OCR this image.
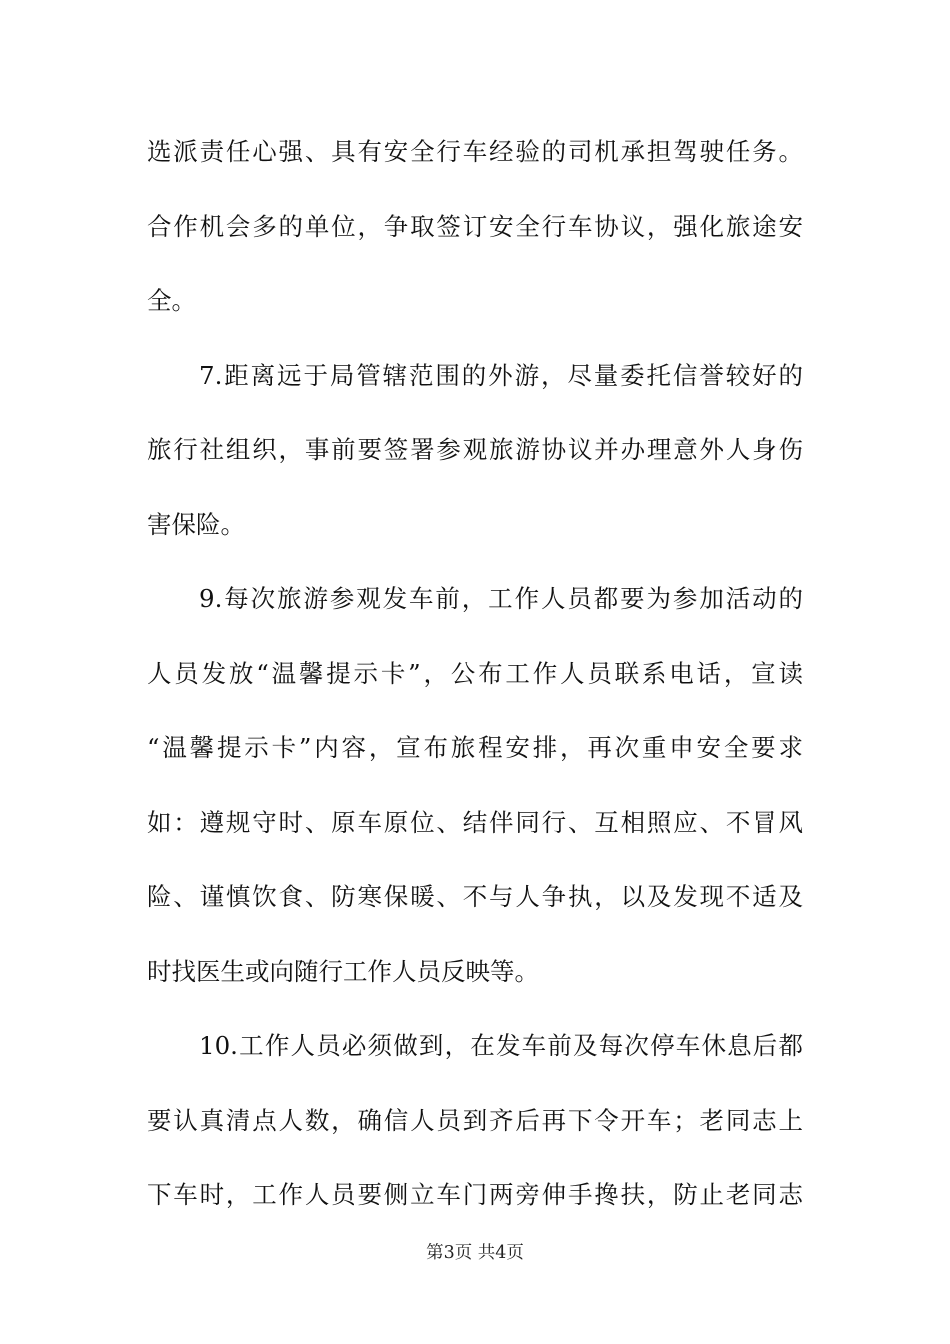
选派责任心强、具有安全行车经验的司机承担驾驶任务。
合作机会多的单位，争取签订安全行车协议，强化旅途安
全。
7.距离远于局管辖范围的外游，尽量委托信誉较好的
旅行社组织，事前要签署参观旅游协议并办理意外人身伤
害保险。
9.每次旅游参观发车前，工作人员都要为参加活动的
人员发放“温馨提示卡”，公布工作人员联系电话，宣读
“温馨提示卡”内容，宣布旅程安排，再次重申安全要求
如：遵规守时、原车原位、结伴同行、互相照应、不冒风
险、谨慎饮食、防寒保暖、不与人争执，以及发现不适及
时找医生或向随行工作人员反映等。
10.工作人员必须做到，在发车前及每次停车休息后都
要认真清点人数，确信人员到齐后再下令开车；老同志上
下车时，工作人员要侧立车门两旁伸手搀扶，防止老同志
第3页 共4页
